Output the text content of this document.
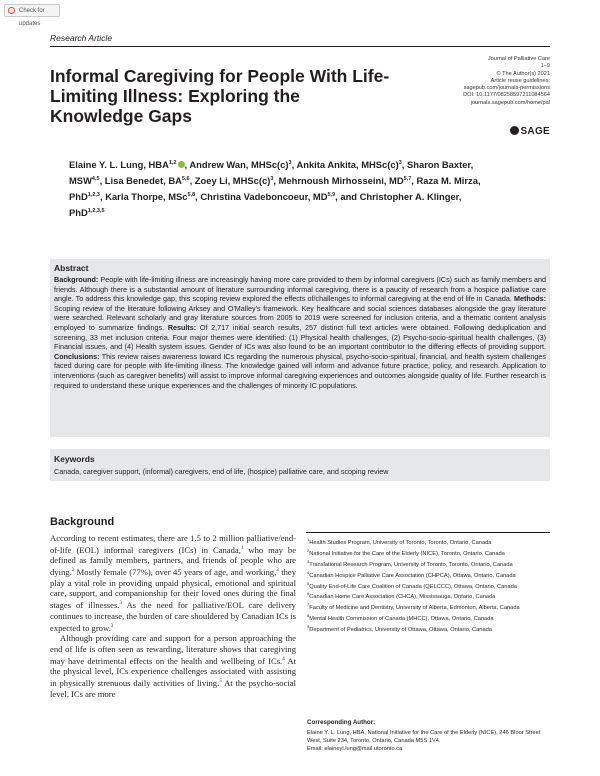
Check for updates
Research Article
Informal Caregiving for People With Life-Limiting Illness: Exploring the Knowledge Gaps
Journal of Palliative Care
1–9
© The Author(s) 2021
Article reuse guidelines:
sagepub.com/journals-permissions
DOI: 10.1177/08258597211084564
journals.sagepub.com/home/pal
SAGE
Elaine Y. L. Lung, HBA$^{1,2}$ , Andrew Wan, $MHSc(c)^3$, Ankita Ankita, $MHSc(c)^3$, Sharon Baxter, MSW$^{4,5}$, Lisa Benedet, BA$^{5,6}$, Zoey Li, $MHSc(c)^3$, Mehrnoush Mirhosseini, MD$^{5,7}$, Raza M. Mirza, PhD$^{1,2,3}$, Karla Thorpe, MSc$^{5,8}$, Christina Vadeboncoeur, MD$^{5,9}$, and Christopher A. Klinger, PhD$^{1,2,3,5}$
Abstract
Background: People with life-limiting illness are increasingly having more care provided to them by informal caregivers (ICs) such as family members and friends. Although there is a substantial amount of literature surrounding informal caregiving, there is a paucity of research from a hospice palliative care angle. To address this knowledge gap, this scoping review explored the effects of/challenges to informal caregiving at the end of life in Canada. Methods: Scoping review of the literature following Arksey and O'Malley's framework. Key healthcare and social sciences databases alongside the gray literature were searched. Relevant scholarly and gray literature sources from 2005 to 2019 were screened for inclusion criteria, and a thematic content analysis employed to summarize findings. Results: Of 2,717 initial search results, 257 distinct full text articles were obtained. Following deduplication and screening, 33 met inclusion criteria. Four major themes were identified: (1) Physical health challenges, (2) Psycho-socio-spiritual health challenges, (3) Financial issues, and (4) Health system issues. Gender of ICs was also found to be an important contributor to the differing effects of providing support. Conclusions: This review raises awareness toward ICs regarding the numerous physical, psycho-socio-spiritual, financial, and health system challenges faced during care for people with life-limiting illness. The knowledge gained will inform and advance future practice, policy, and research. Application to interventions (such as caregiver benefits) will assist to improve informal caregiving experiences and outcomes alongside quality of life. Further research is required to understand these unique experiences and the challenges of minority IC populations.
Keywords
Canada, caregiver support, (informal) caregivers, end of life, (hospice) palliative care, and scoping review
Background

According to recent estimates, there are 1.5 to 2 million palliative/end-of-life (EOL) informal caregivers (ICs) in Canada,$^1$ who may be defined as family members, partners, and friends of people who are dying.$^2$ Mostly female (77%), over 45 years of age, and working,$^3$ they play a vital role in providing unpaid physical, emotional and spiritual care, support, and companionship for their loved ones during the final stages of illnesses.$^3$ As the need for palliative/EOL care delivery continues to increase, the burden of care shouldered by Canadian ICs is expected to grow.$^3$

Although providing care and support for a person approaching the end of life is often seen as rewarding, literature shows that caregiving may have detrimental effects on the health and wellbeing of ICs.$^4$ At the physical level, ICs experience challenges associated with assisting in physically strenuous daily activities of living.$^5$ At the psycho-social level, ICs are more

$^1$Health Studies Program, University of Toronto, Toronto, Ontario, Canada
$^2$National Initiative for the Care of the Elderly (NICE), Toronto, Ontario, Canada
$^3$Translational Research Program, University of Toronto, Toronto, Ontario, Canada
$^4$Canadian Hospice Palliative Care Association (CHPCA), Ottawa, Ontario, Canada
$^5$Quality End-of-Life Care Coalition of Canada (QELCCC), Ottawa, Ontario, Canada
$^6$Canadian Home Care Association (CHCA), Mississauga, Ontario, Canada
$^7$Faculty of Medicine and Dentistry, University of Alberta, Edmonton, Alberta, Canada
$^8$Mental Health Commission of Canada (MHCC), Ottawa, Ontario, Canada
$^9$Department of Pediatrics, University of Ottawa, Ottawa, Ontario, Canada
Corresponding Author:
Elaine Y. L. Lung, HBA, National Initiative for the Care of the Elderly (NICE), 246 Bloor Street West, Suite 234, Toronto, Ontario, Canada M5S 1V4.
Email: elaineyl.lung@mail.utoronto.ca
